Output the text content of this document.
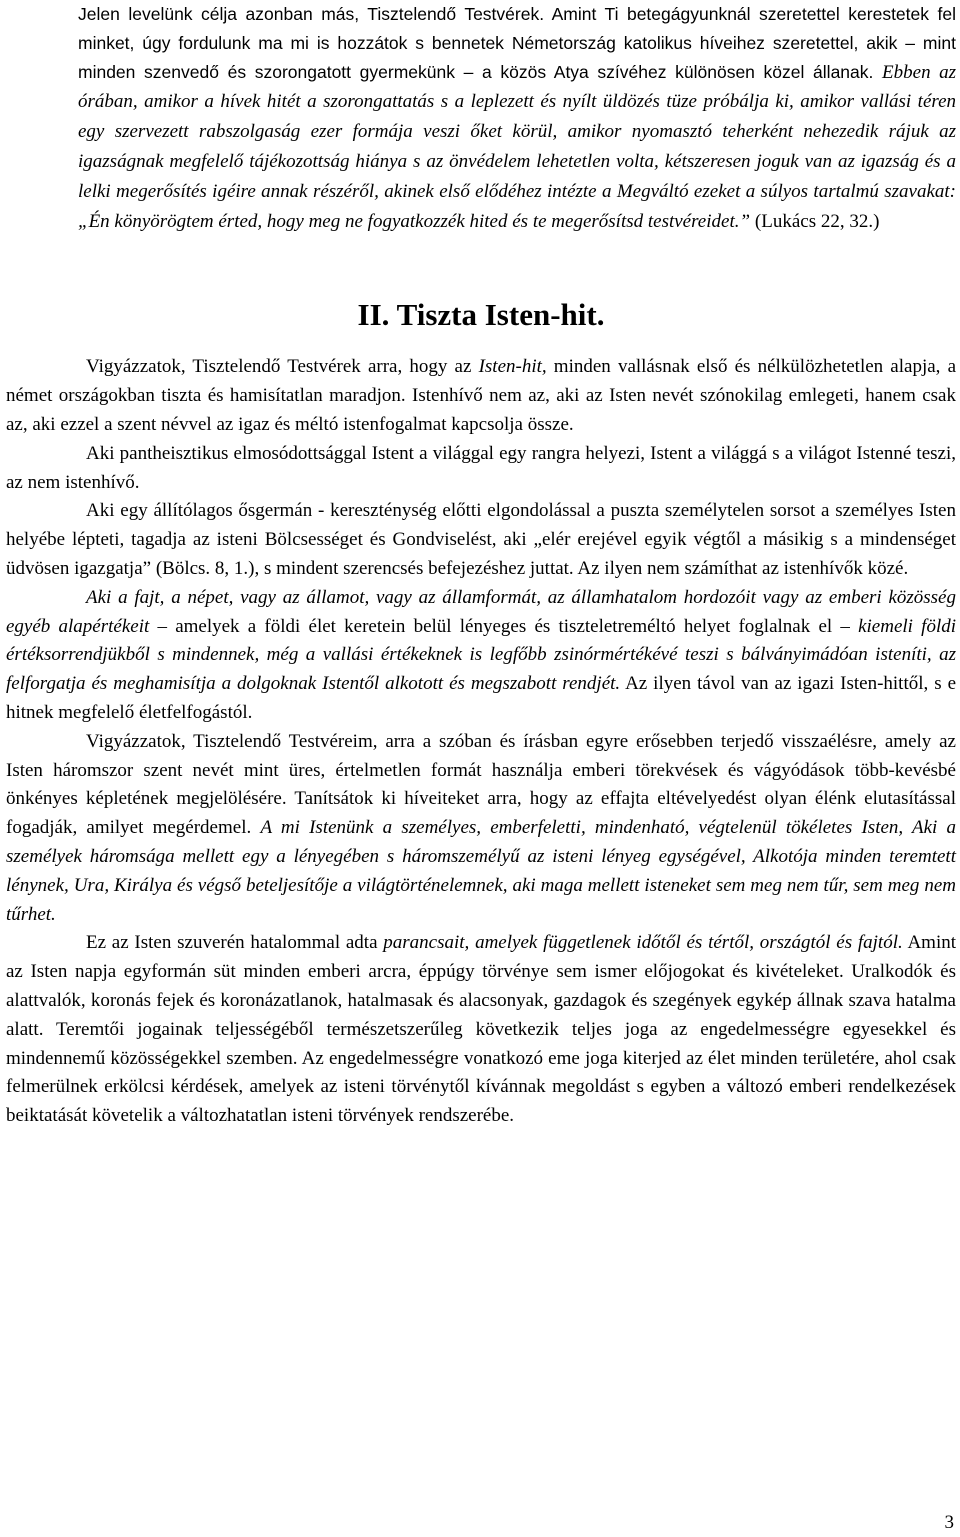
Jelen levelünk célja azonban más, Tisztelendő Testvérek. Amint Ti betegágyunknál szeretettel kerestetek fel minket, úgy fordulunk ma mi is hozzátok s bennetek Németország katolikus híveihez szeretettel, akik – mint minden szenvedő és szorongatott gyermekünk – a közös Atya szívéhez különösen közel állanak. Ebben az órában, amikor a hívek hitét a szorongattatás s a leplezett és nyílt üldözés tüze próbálja ki, amikor vallási téren egy szervezett rabszolgaság ezer formája veszi őket körül, amikor nyomasztó teherként nehezedik rájuk az igazságnak megfelelő tájékozottság hiánya s az önvédelem lehetetlen volta, kétszeresen joguk van az igazság és a lelki megerősítés igéire annak részéről, akinek első elődéhez intézte a Megváltó ezeket a súlyos tartalmú szavakat: „Én könyörögtem érted, hogy meg ne fogyatkozzék hited és te megerősítsd testvéreidet.” (Lukács 22, 32.)

II. Tiszta Isten-hit.

Vigyázzatok, Tisztelendő Testvérek arra, hogy az Isten-hit, minden vallásnak első és nélkülözhetetlen alapja, a német országokban tiszta és hamisítatlan maradjon. Istenhívő nem az, aki az Isten nevét szónokilag emlegeti, hanem csak az, aki ezzel a szent névvel az igaz és méltó istenfogalmat kapcsolja össze.

Aki pantheisztikus elmosódottsággal Istent a világgal egy rangra helyezi, Istent a világgá s a világot Istenné teszi, az nem istenhívő.

Aki egy állítólagos ősgermán - kereszténység előtti elgondolással a puszta személytelen sorsot a személyes Isten helyébe lépteti, tagadja az isteni Bölcsességet és Gondviselést, aki „elér erejével egyik végtől a másikig s a mindenséget üdvösen igazgatja” (Bölcs. 8, 1.), s mindent szerencsés befejezéshez juttat. Az ilyen nem számíthat az istenhívők közé.

Aki a fajt, a népet, vagy az államot, vagy az államformát, az államhatalom hordozóit vagy az emberi közösség egyéb alapértékeit – amelyek a földi élet keretein belül lényeges és tiszteletreméltó helyet foglalnak el – kiemeli földi értéksorrendjükből s mindennek, még a vallási értékeknek is legfőbb zsinórmértékévé teszi s bálványimádóan isteníti, az felforgatja és meghamisítja a dolgoknak Istentől alkotott és megszabott rendjét. Az ilyen távol van az igazi Isten-hittől, s e hitnek megfelelő életfelfogástól.

Vigyázzatok, Tisztelendő Testvéreim, arra a szóban és írásban egyre erősebben terjedő visszaélésre, amely az Isten háromszor szent nevét mint üres, értelmetlen formát használja emberi törekvések és vágyódások több-kevésbé önkényes képletének megjelölésére. Tanítsátok ki híveiteket arra, hogy az effajta eltévelyedést olyan élénk elutasítással fogadják, amilyet megérdemel. A mi Istenünk a személyes, emberfeletti, mindenható, végtelenül tökéletes Isten, Aki a személyek háromsága mellett egy a lényegében s háromszemélyű az isteni lényeg egységével, Alkotója minden teremtett lénynek, Ura, Királya és végső beteljesítője a világtörténelemnek, aki maga mellett isteneket sem meg nem tűr, sem meg nem tűrhet.

Ez az Isten szuverén hatalommal adta parancsait, amelyek függetlenek időtől és tértől, országtól és fajtól. Amint az Isten napja egyformán süt minden emberi arcra, éppúgy törvénye sem ismer előjogokat és kivételeket. Uralkodók és alattvalók, koronás fejek és koronázatlanok, hatalmasak és alacsonyak, gazdagok és szegények egykép állnak szava hatalma alatt. Teremtői jogainak teljességéből természetszerűleg következik teljes joga az engedelmességre egyesekkel és mindennemű közösségekkel szemben. Az engedelmességre vonatkozó eme joga kiterjed az élet minden területére, ahol csak felmerülnek erkölcsi kérdések, amelyek az isteni törvénytől kívánnak megoldást s egyben a változó emberi rendelkezések beiktatását követelik a változhatatlan isteni törvények rendszerébe.

3
